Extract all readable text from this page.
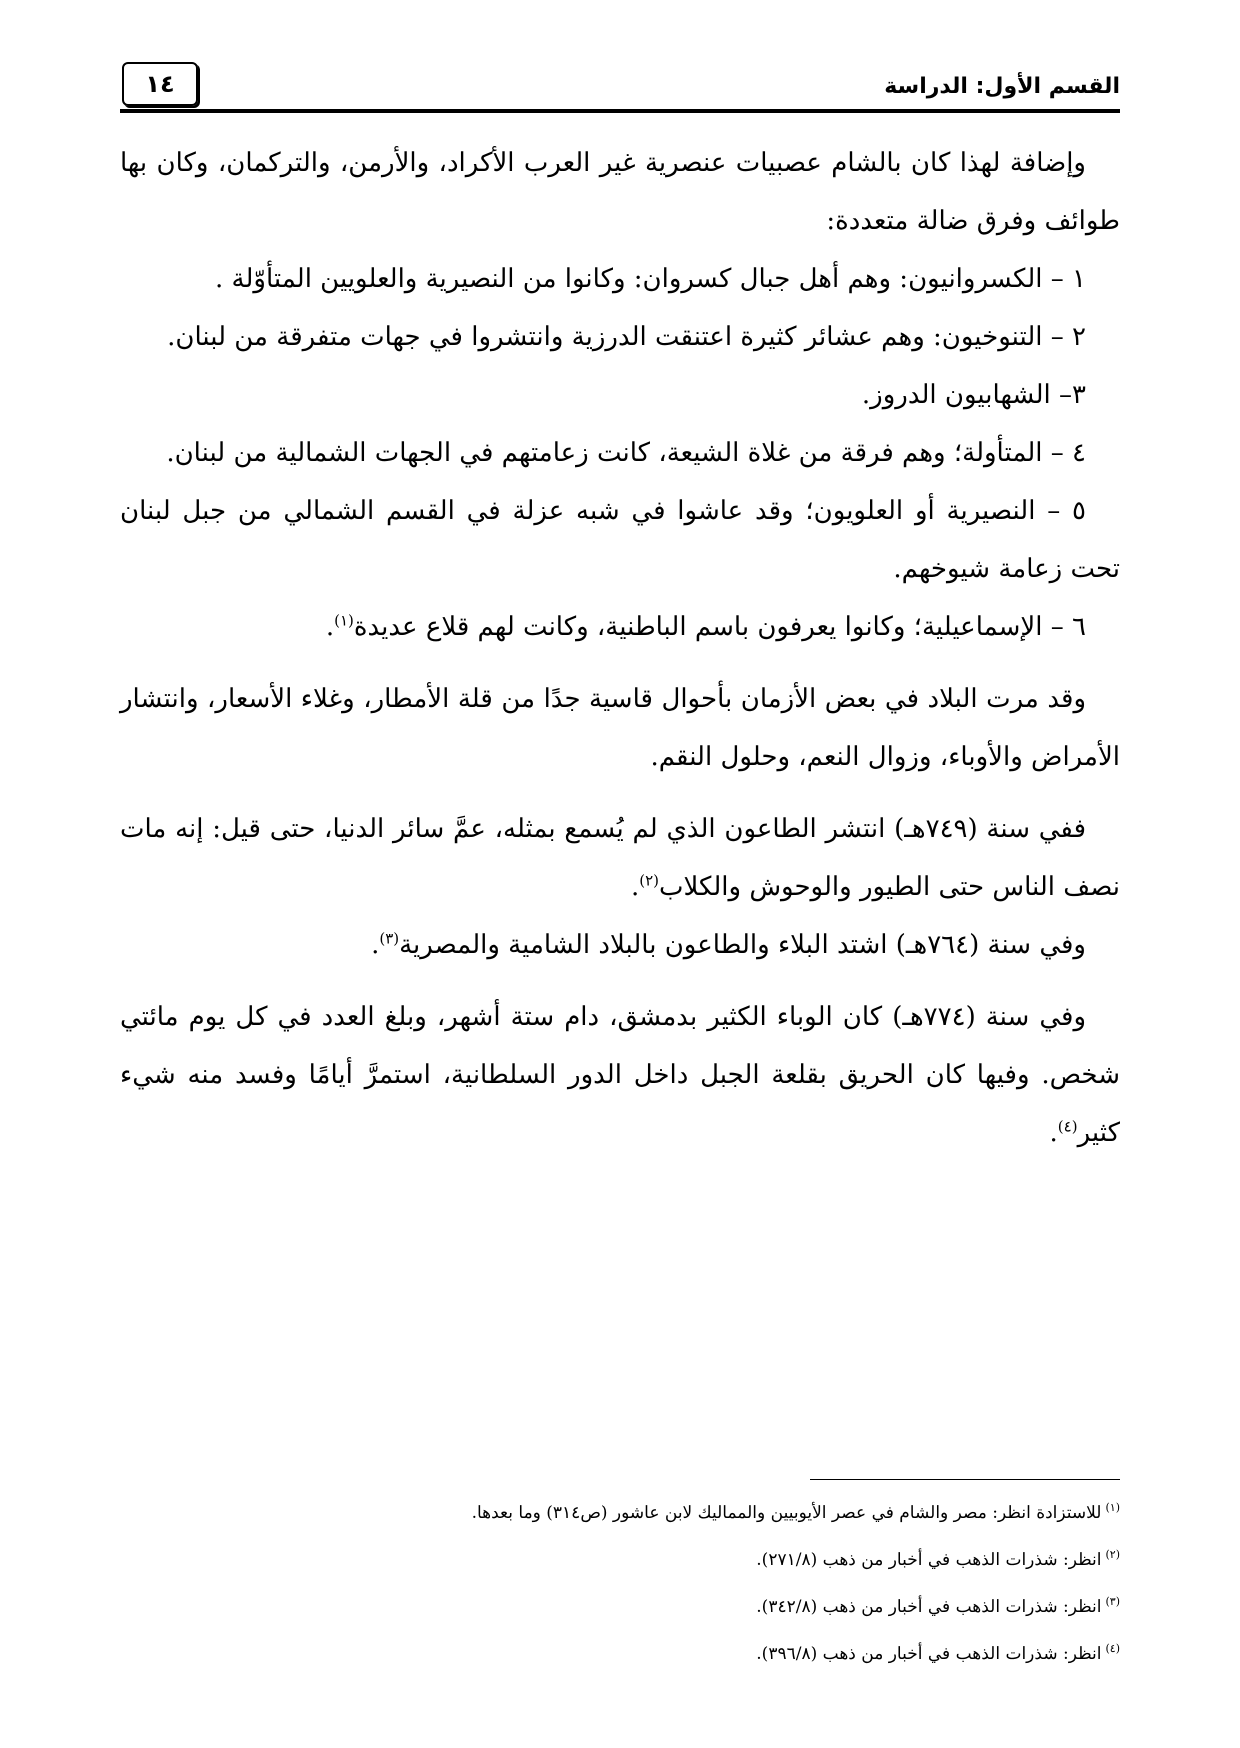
القسم الأول: الدراسة
١٤

وإضافة لهذا كان بالشام عصبيات عنصرية غير العرب الأكراد، والأرمن، والتركمان، وكان بها طوائف وفرق ضالة متعددة:

١ – الكسروانيون: وهم أهل جبال كسروان: وكانوا من النصيرية والعلويين المتأوّلة .
٢ – التنوخيون: وهم عشائر كثيرة اعتنقت الدرزية وانتشروا في جهات متفرقة من لبنان.
٣– الشهابيون الدروز.
٤ – المتأولة؛ وهم فرقة من غلاة الشيعة، كانت زعامتهم في الجهات الشمالية من لبنان.
٥ – النصيرية أو العلويون؛ وقد عاشوا في شبه عزلة في القسم الشمالي من جبل لبنان تحت زعامة شيوخهم.
٦ – الإسماعيلية؛ وكانوا يعرفون باسم الباطنية، وكانت لهم قلاع عديدة$^{(١)}$.

وقد مرت البلاد في بعض الأزمان بأحوال قاسية جدًا من قلة الأمطار، وغلاء الأسعار، وانتشار الأمراض والأوباء، وزوال النعم، وحلول النقم.

ففي سنة (٧٤٩هـ) انتشر الطاعون الذي لم يُسمع بمثله، عمَّ سائر الدنيا، حتى قيل: إنه مات نصف الناس حتى الطيور والوحوش والكلاب$^{(٢)}$.

وفي سنة (٧٦٤هـ) اشتد البلاء والطاعون بالبلاد الشامية والمصرية$^{(٣)}$.

وفي سنة (٧٧٤هـ) كان الوباء الكثير بدمشق، دام ستة أشهر، وبلغ العدد في كل يوم مائتي شخص. وفيها كان الحريق بقلعة الجبل داخل الدور السلطانية، استمرَّ أيامًا وفسد منه شيء كثير$^{(٤)}$.

$^{(١)}$للاستزادة انظر: مصر والشام في عصر الأيوبيين والمماليك لابن عاشور (ص٣١٤) وما بعدها.

$^{(٢)}$انظر: شذرات الذهب في أخبار من ذهب (٢٧١/٨).

$^{(٣)}$انظر: شذرات الذهب في أخبار من ذهب (٣٤٢/٨).

$^{(٤)}$انظر: شذرات الذهب في أخبار من ذهب (٣٩٦/٨).
